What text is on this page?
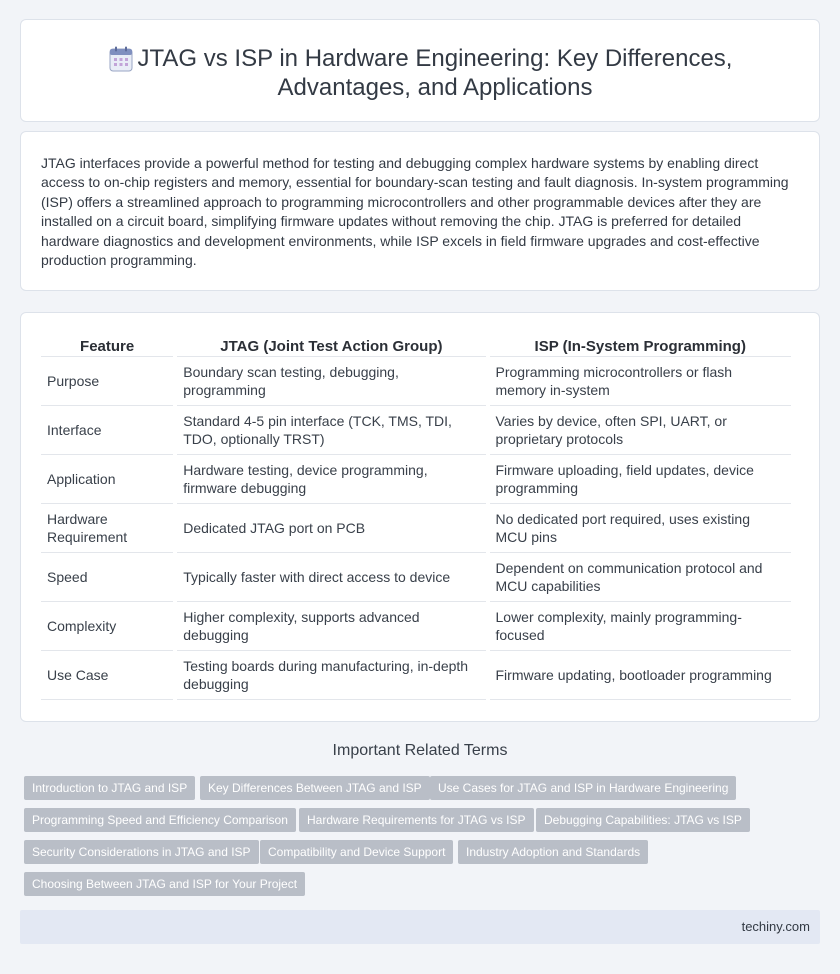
JTAG vs ISP in Hardware Engineering: Key Differences, Advantages, and Applications

JTAG interfaces provide a powerful method for testing and debugging complex hardware systems by enabling direct access to on-chip registers and memory, essential for boundary-scan testing and fault diagnosis. In-system programming (ISP) offers a streamlined approach to programming microcontrollers and other programmable devices after they are installed on a circuit board, simplifying firmware updates without removing the chip. JTAG is preferred for detailed hardware diagnostics and development environments, while ISP excels in field firmware upgrades and cost-effective production programming.

Feature	JTAG (Joint Test Action Group)	ISP (In-System Programming)
Purpose	Boundary scan testing, debugging, programming	Programming microcontrollers or flash memory in-system
Interface	Standard 4-5 pin interface (TCK, TMS, TDI, TDO, optionally TRST)	Varies by device, often SPI, UART, or proprietary protocols
Application	Hardware testing, device programming, firmware debugging	Firmware uploading, field updates, device programming
Hardware Requirement	Dedicated JTAG port on PCB	No dedicated port required, uses existing MCU pins
Speed	Typically faster with direct access to device	Dependent on communication protocol and MCU capabilities
Complexity	Higher complexity, supports advanced debugging	Lower complexity, mainly programming-focused
Use Case	Testing boards during manufacturing, in-depth debugging	Firmware updating, bootloader programming
Important Related Terms
Introduction to JTAG and ISP	Key Differences Between JTAG and ISP	Use Cases for JTAG and ISP in Hardware Engineering
Programming Speed and Efficiency Comparison	Hardware Requirements for JTAG vs ISP	Debugging Capabilities: JTAG vs ISP
Security Considerations in JTAG and ISP	Compatibility and Device Support	Industry Adoption and Standards
Choosing Between JTAG and ISP for Your Project
techiny.com
